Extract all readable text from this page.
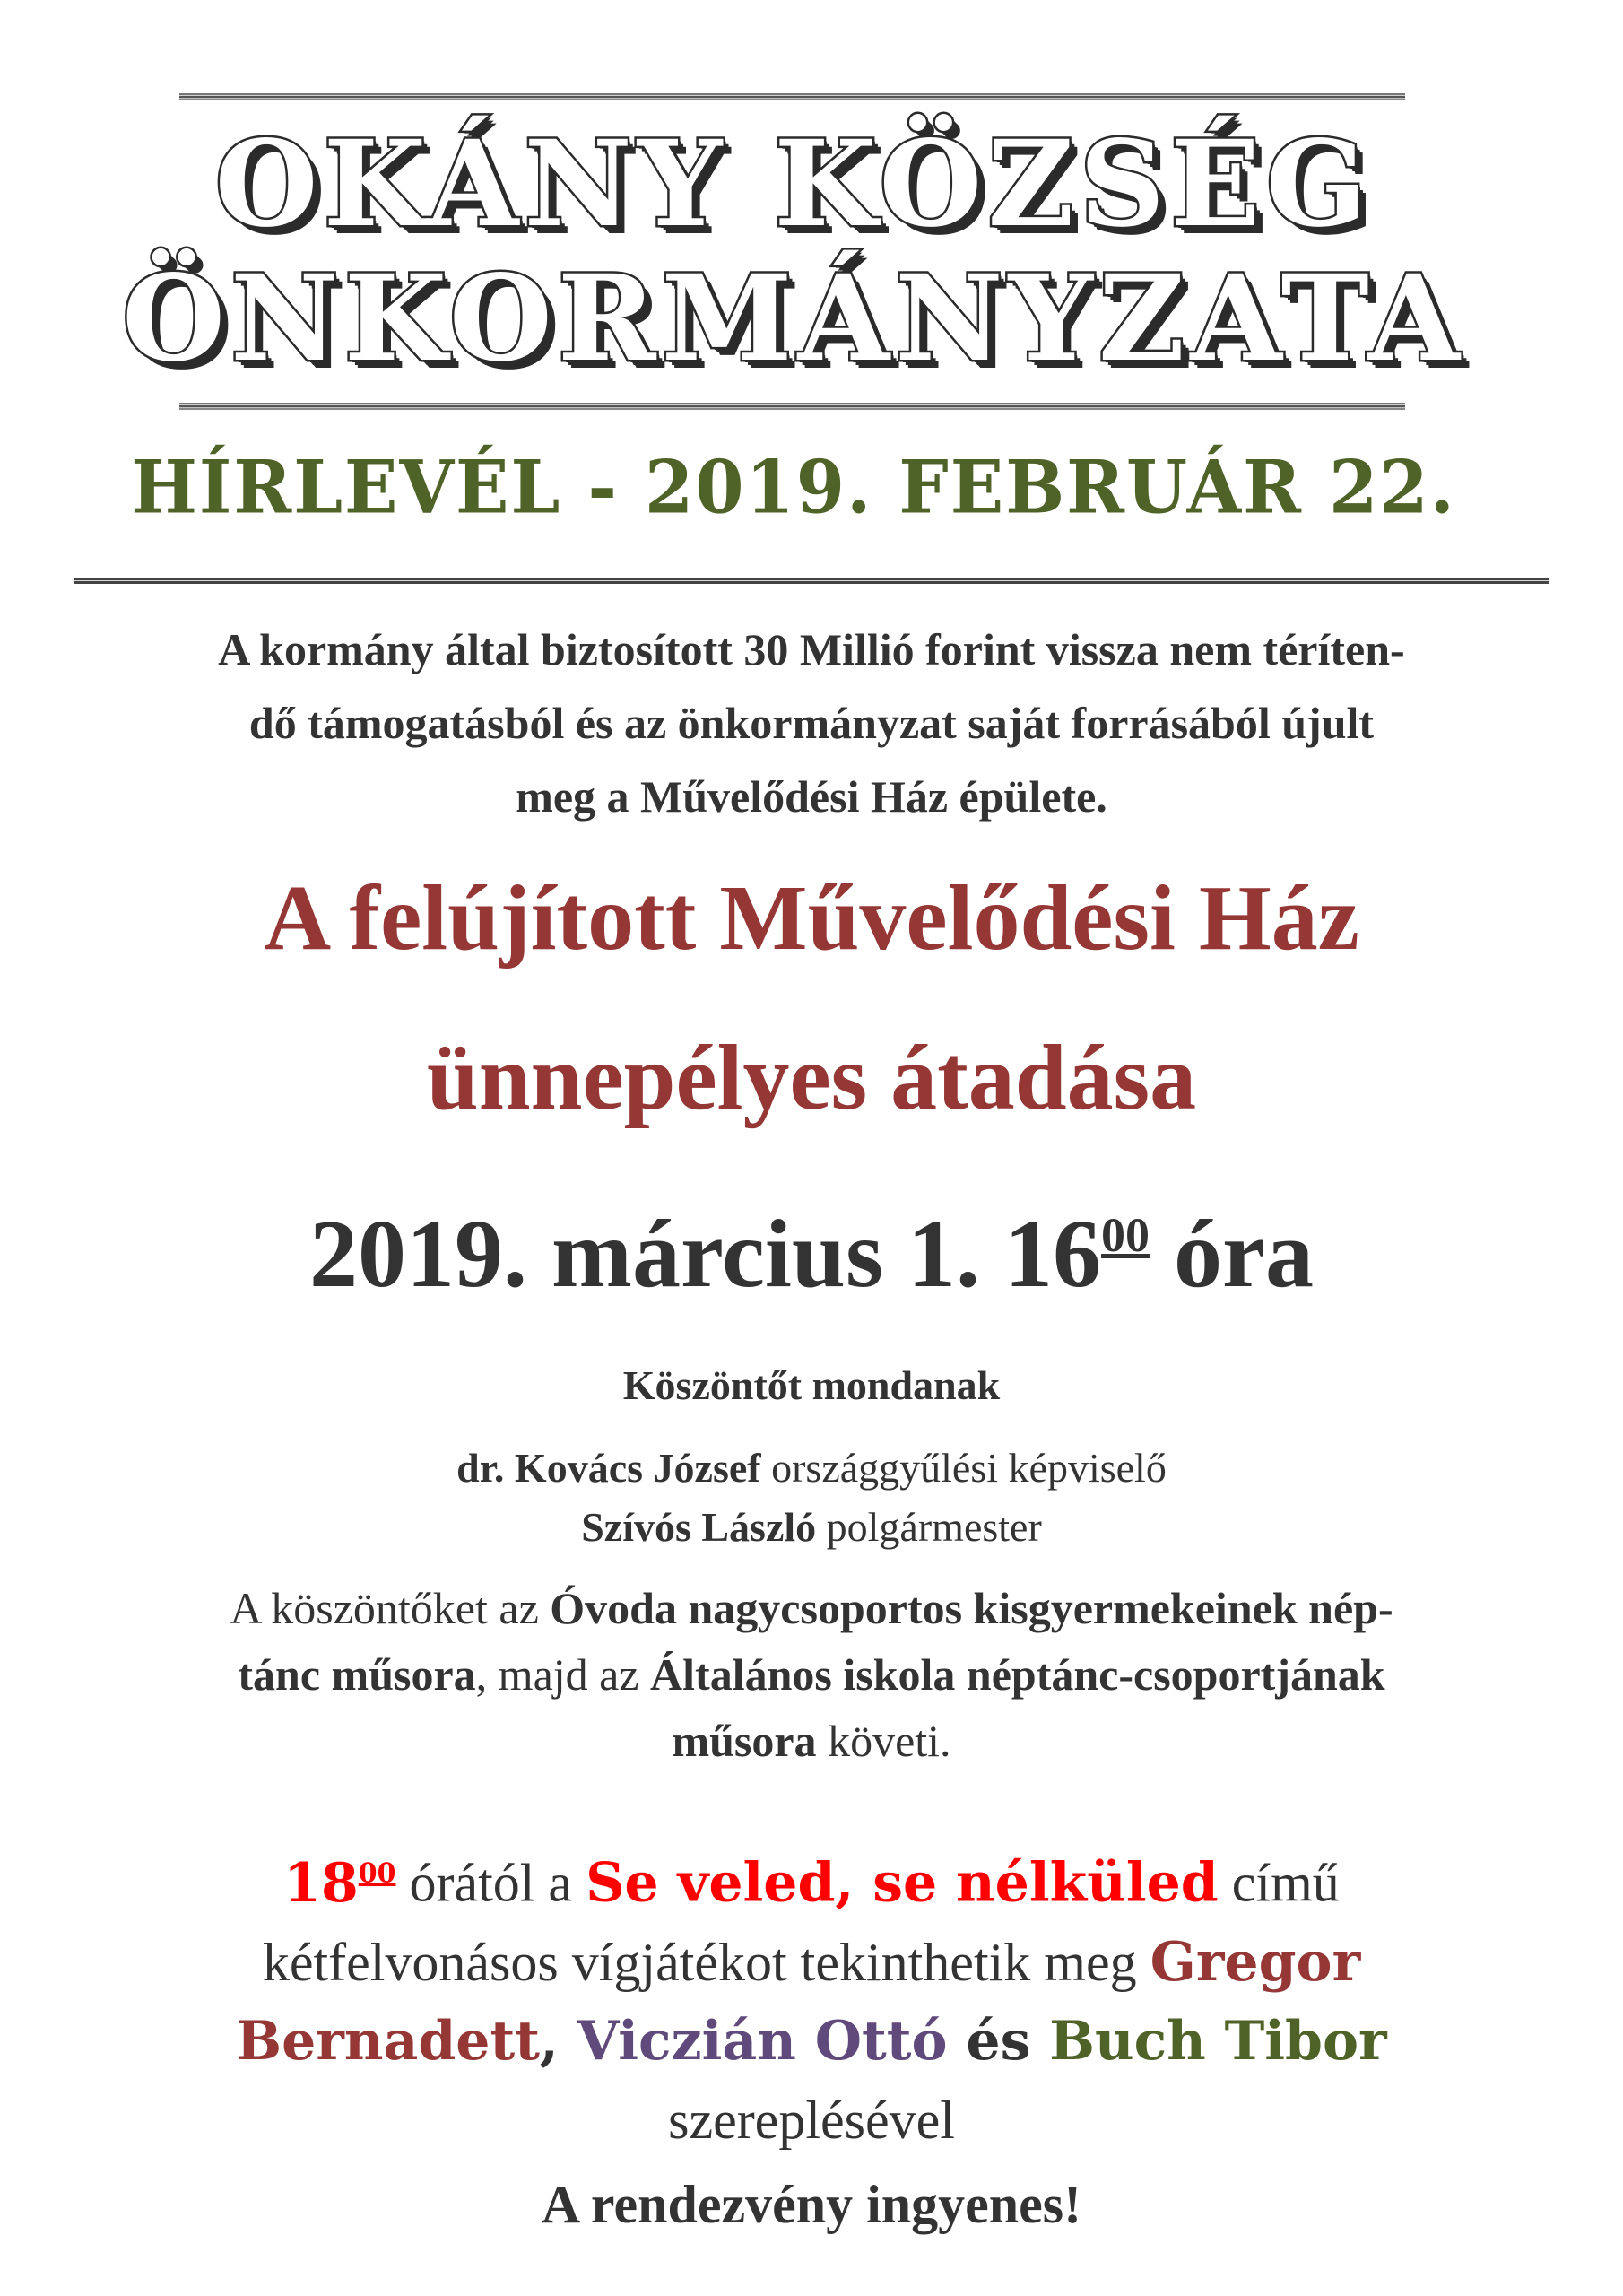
OKÁNY KÖZSÉG
ÖNKORMÁNYZATA
HÍRLEVÉL - 2019. FEBRUÁR 22.
A kormány által biztosított 30 Millió forint vissza nem téríten-
dő támogatásból és az önkormányzat saját forrásából újult
meg a Művelődési Ház épülete.
A felújított Művelődési Ház
ünnepélyes átadása
2019. március 1. $16^{00}$ óra
Köszöntőt mondanak
dr. Kovács József országgyűlési képviselő
Szívós László polgármester
A köszöntőket az Óvoda nagycsoportos kisgyermekeinek nép-
tánc műsora, majd az Általános iskola néptánc-csoportjának
műsora követi.
$18^{00}$ órától a Se veled, se nélküled című
kétfelvonásos vígjátékot tekinthetik meg Gregor
Bernadett, Viczián Ottó és Buch Tibor
szereplésével
A rendezvény ingyenes!
